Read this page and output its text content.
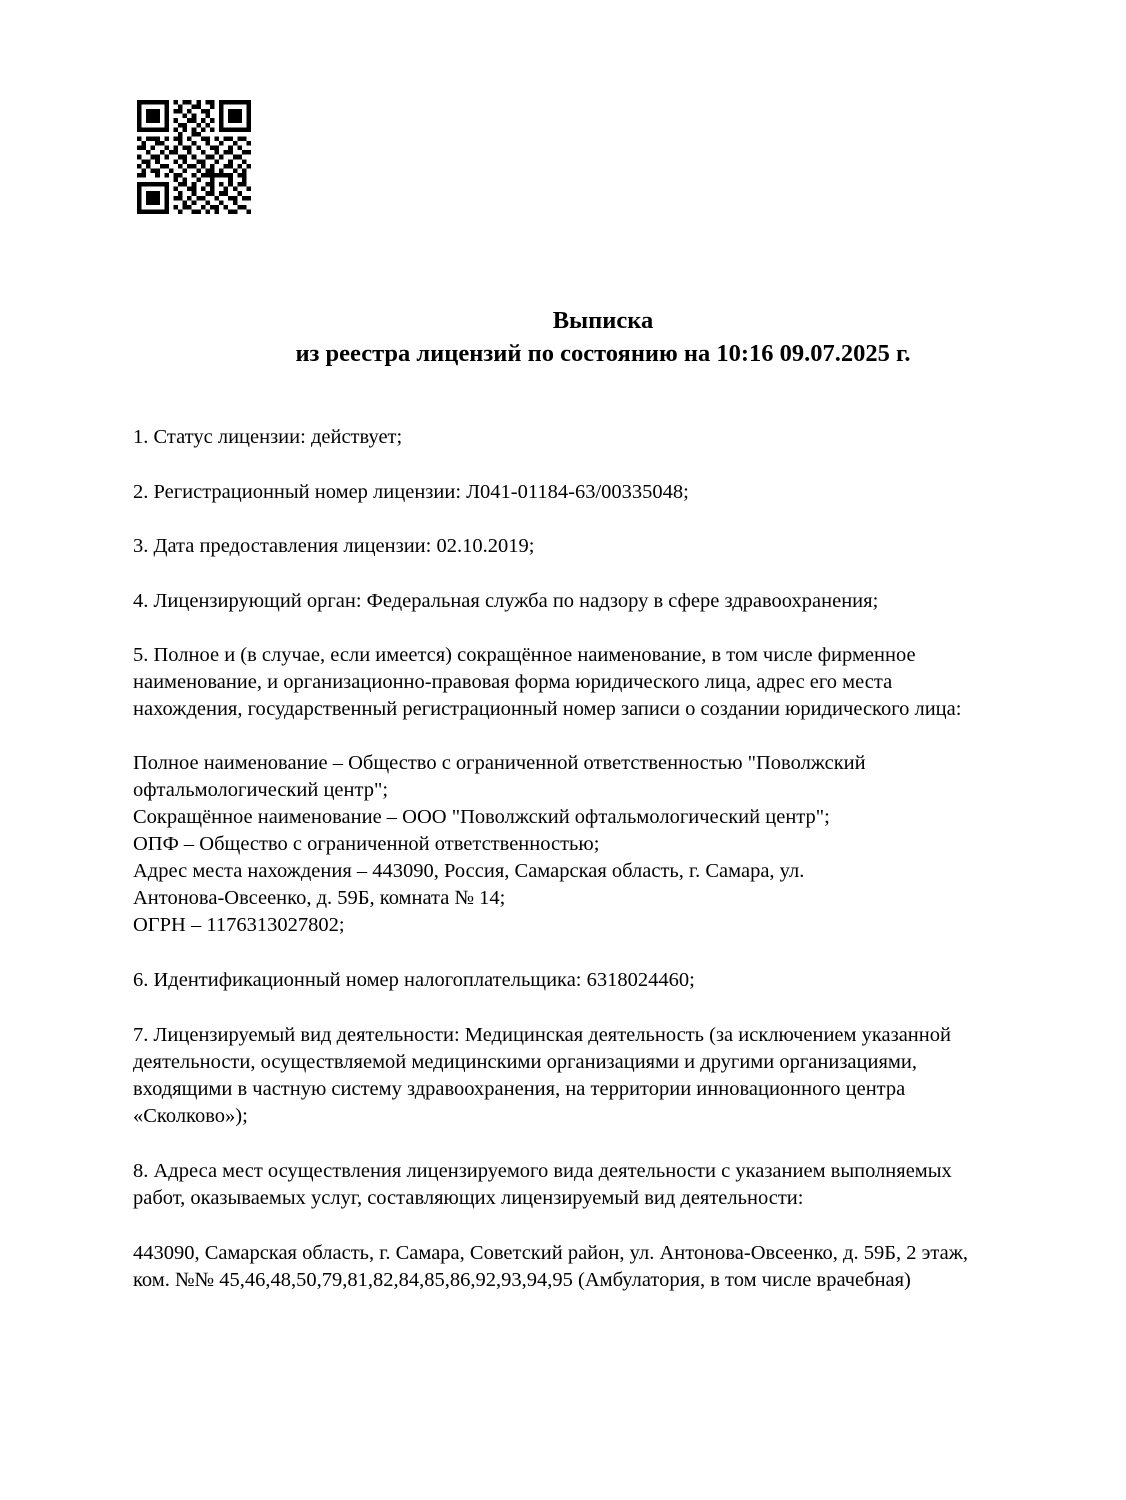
Выписка
из реестра лицензий по состоянию на 10:16 09.07.2025 г.

1. Статус лицензии: действует;

2. Регистрационный номер лицензии: Л041-01184-63/00335048;

3. Дата предоставления лицензии: 02.10.2019;

4. Лицензирующий орган: Федеральная служба по надзору в сфере здравоохранения;

5. Полное и (в случае, если имеется) сокращённое наименование, в том числе фирменное

наименование, и организационно-правовая форма юридического лица, адрес его места

нахождения, государственный регистрационный номер записи о создании юридического лица:

Полное наименование – Общество с ограниченной ответственностью "Поволжский

офтальмологический центр";

Сокращённое наименование – ООО "Поволжский офтальмологический центр";

ОПФ – Общество с ограниченной ответственностью;

Адрес места нахождения – 443090, Россия, Самарская область, г. Самара, ул.

Антонова-Овсеенко, д. 59Б, комната № 14;

ОГРН – 1176313027802;

6. Идентификационный номер налогоплательщика: 6318024460;

7. Лицензируемый вид деятельности: Медицинская деятельность (за исключением указанной

деятельности, осуществляемой медицинскими организациями и другими организациями,

входящими в частную систему здравоохранения, на территории инновационного центра

«Сколково»);

8. Адреса мест осуществления лицензируемого вида деятельности с указанием выполняемых

работ, оказываемых услуг, составляющих лицензируемый вид деятельности:

443090, Самарская область, г. Самара, Советский район, ул. Антонова-Овсеенко, д. 59Б, 2 этаж,

ком. №№ 45,46,48,50,79,81,82,84,85,86,92,93,94,95 (Амбулатория, в том числе врачебная)
